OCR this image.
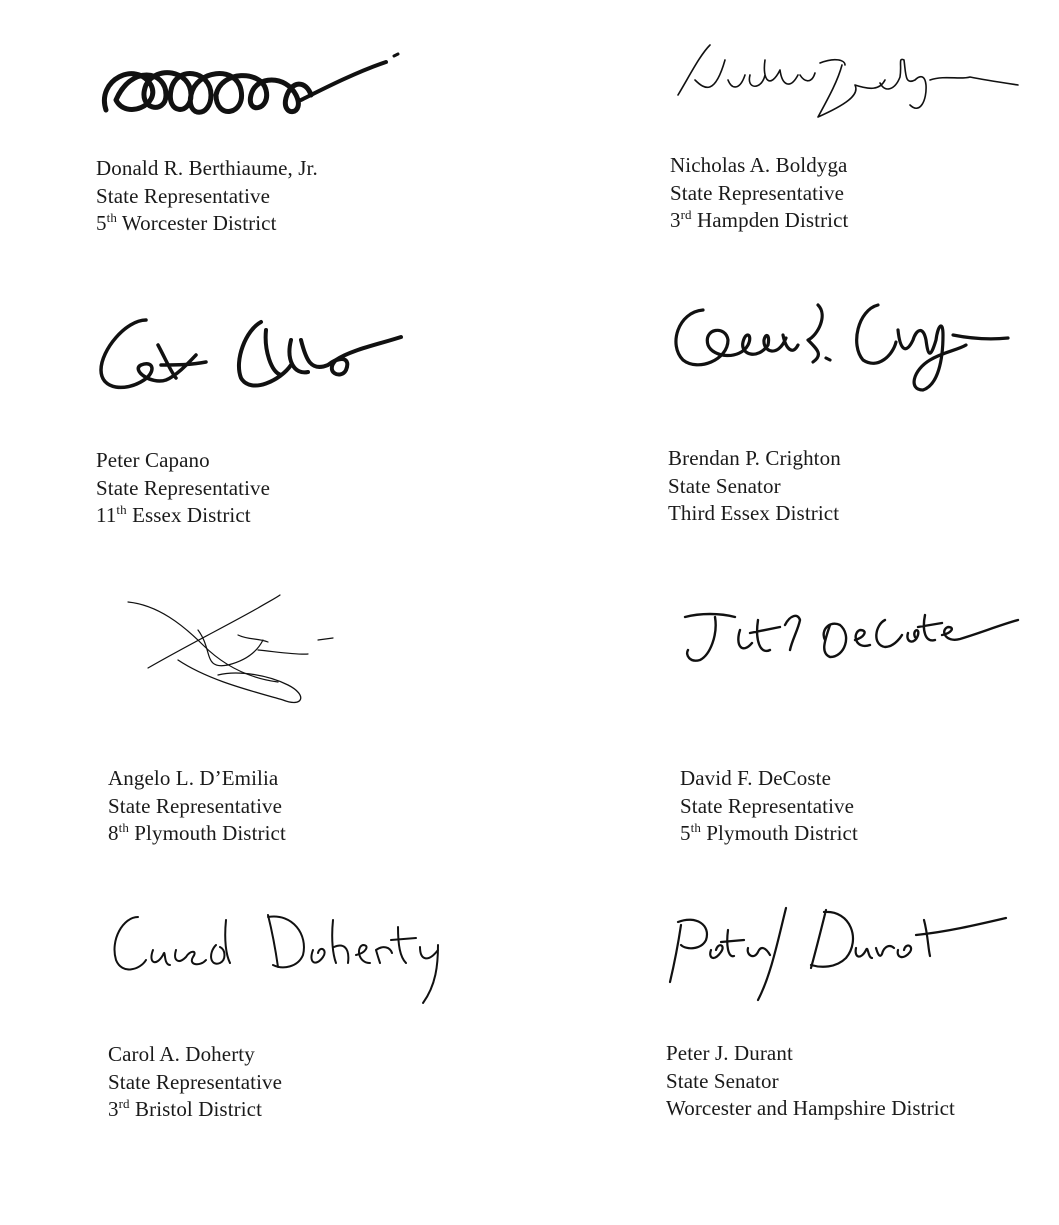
Donald R. Berthiaume, Jr.
State Representative
5th Worcester District
Nicholas A. Boldyga
State Representative
3rd Hampden District
Peter Capano
State Representative
11th Essex District
Brendan P. Crighton
State Senator
Third Essex District
Angelo L. D’Emilia
State Representative
8th Plymouth District
David F. DeCoste
State Representative
5th Plymouth District
Carol A. Doherty
State Representative
3rd Bristol District
Peter J. Durant
State Senator
Worcester and Hampshire District
